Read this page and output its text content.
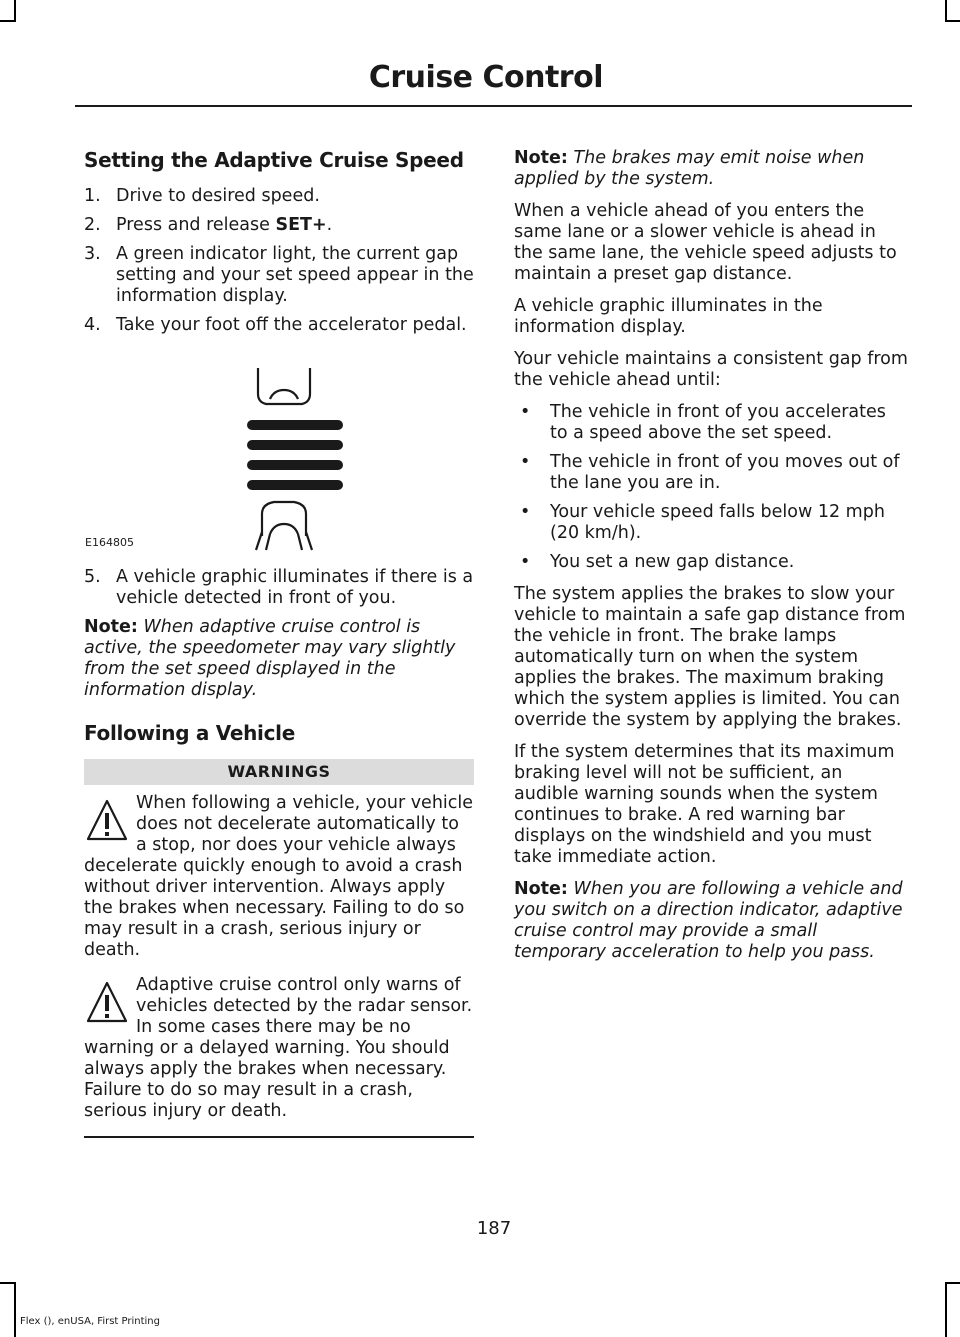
Cruise Control
Setting the Adaptive Cruise Speed
1. Drive to desired speed.
2. Press and release SET+.
3. A green indicator light, the current gap setting and your set speed appear in the information display.
4. Take your foot off the accelerator pedal.
E164805
5. A vehicle graphic illuminates if there is a vehicle detected in front of you.

Note: When adaptive cruise control is active, the speedometer may vary slightly from the set speed displayed in the information display.

Following a Vehicle
WARNINGS
When following a vehicle, your vehicle does not decelerate automatically to a stop, nor does your vehicle always decelerate quickly enough to avoid a crash without driver intervention. Always apply the brakes when necessary. Failing to do so may result in a crash, serious injury or death.
Adaptive cruise control only warns of vehicles detected by the radar sensor. In some cases there may be no warning or a delayed warning. You should always apply the brakes when necessary. Failure to do so may result in a crash, serious injury or death.

Note: The brakes may emit noise when applied by the system.

When a vehicle ahead of you enters the same lane or a slower vehicle is ahead in the same lane, the vehicle speed adjusts to maintain a preset gap distance.

A vehicle graphic illuminates in the information display.

Your vehicle maintains a consistent gap from the vehicle ahead until:

• The vehicle in front of you accelerates to a speed above the set speed.
• The vehicle in front of you moves out of the lane you are in.
• Your vehicle speed falls below 12 mph (20 km/h).
• You set a new gap distance.

The system applies the brakes to slow your vehicle to maintain a safe gap distance from the vehicle in front. The brake lamps automatically turn on when the system applies the brakes. The maximum braking which the system applies is limited. You can override the system by applying the brakes.

If the system determines that its maximum braking level will not be sufficient, an audible warning sounds when the system continues to brake. A red warning bar displays on the windshield and you must take immediate action.

Note: When you are following a vehicle and you switch on a direction indicator, adaptive cruise control may provide a small temporary acceleration to help you pass.

187
Flex (), enUSA, First Printing
